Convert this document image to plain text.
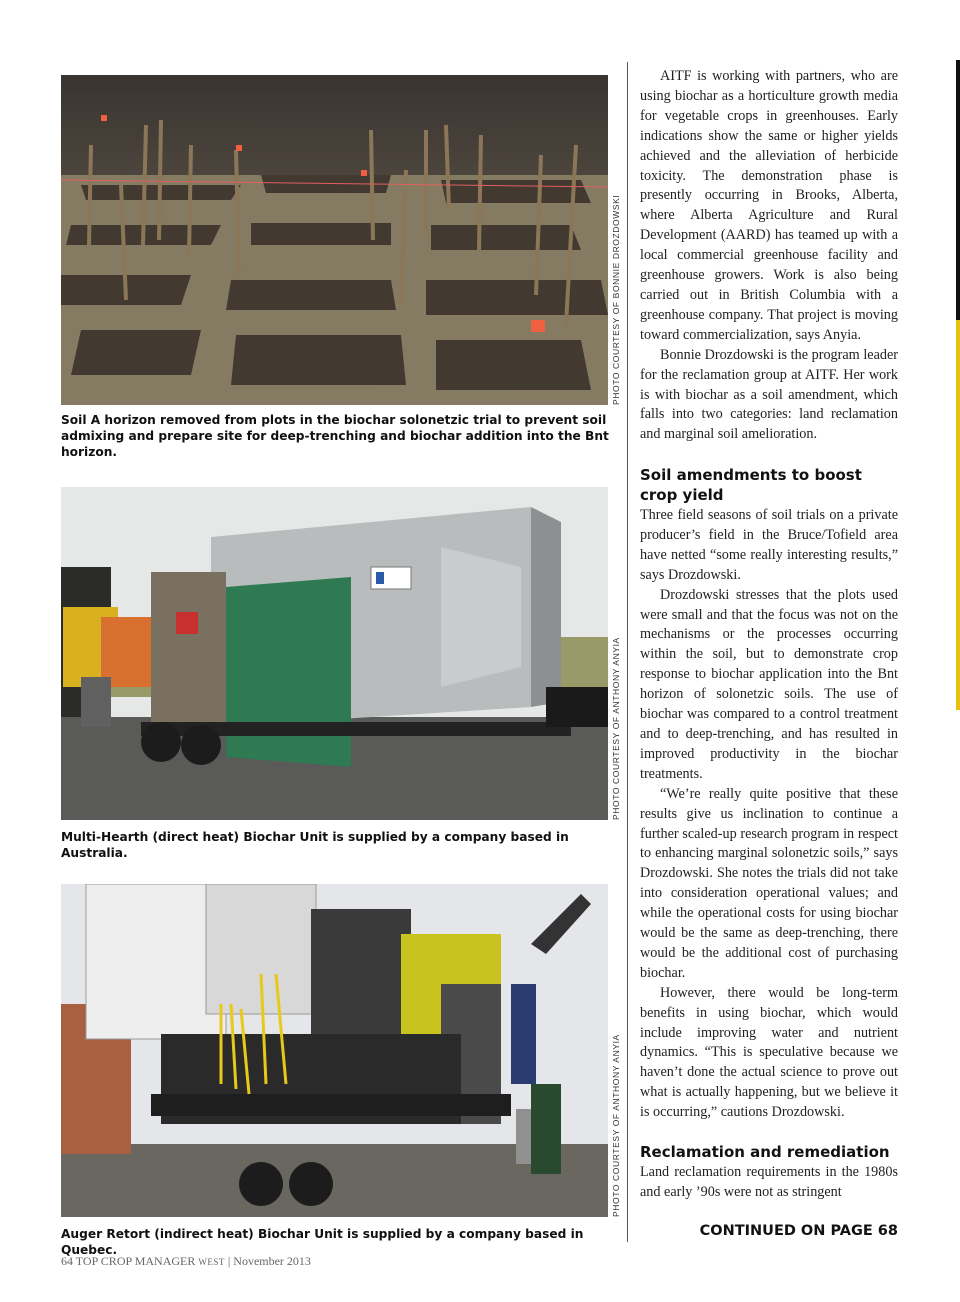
PHOTO COURTESY OF BONNIE DROZDOWSKI
Soil A horizon removed from plots in the biochar solonetzic trial to prevent soil admixing and prepare site for deep-trenching and biochar addition into the Bnt horizon.
PHOTO COURTESY OF ANTHONY ANYIA
Multi-Hearth (direct heat) Biochar Unit is supplied by a company based in Australia.
PHOTO COURTESY OF ANTHONY ANYIA
Auger Retort (indirect heat) Biochar Unit is supplied by a company based in Quebec.

AITF is working with partners, who are using biochar as a horticulture growth media for vegetable crops in greenhouses. Early indications show the same or higher yields achieved and the alleviation of herbicide toxicity. The demonstration phase is presently occurring in Brooks, Alberta, where Alberta Agriculture and Rural Development (AARD) has teamed up with a local commercial greenhouse facility and greenhouse growers. Work is also being carried out in British Columbia with a greenhouse company. That project is moving toward commercialization, says Anyia.

Bonnie Drozdowski is the program leader for the reclamation group at AITF. Her work is with biochar as a soil amendment, which falls into two categories: land reclamation and marginal soil amelioration.

Soil amendments to boost crop yield

Three field seasons of soil trials on a private producer’s field in the Bruce/Tofield area have netted “some really interesting results,” says Drozdowski.

Drozdowski stresses that the plots used were small and that the focus was not on the mechanisms or the processes occurring within the soil, but to demonstrate crop response to biochar application into the Bnt horizon of solonetzic soils. The use of biochar was compared to a control treatment and to deep-trenching, and has resulted in improved productivity in the biochar treatments.

“We’re really quite positive that these results give us inclination to continue a further scaled-up research program in respect to enhancing marginal solonetzic soils,” says Drozdowski. She notes the trials did not take into consideration operational values; and while the operational costs for using biochar would be the same as deep-trenching, there would be the additional cost of purchasing biochar.

However, there would be long-term benefits in using biochar, which would include improving water and nutrient dynamics. “This is speculative because we haven’t done the actual science to prove out what is actually happening, but we believe it is occurring,” cautions Drozdowski.

Reclamation and remediation

Land reclamation requirements in the 1980s and early ’90s were not as stringent

CONTINUED ON PAGE 68
64 TOP CROP MANAGER WEST | November 2013
